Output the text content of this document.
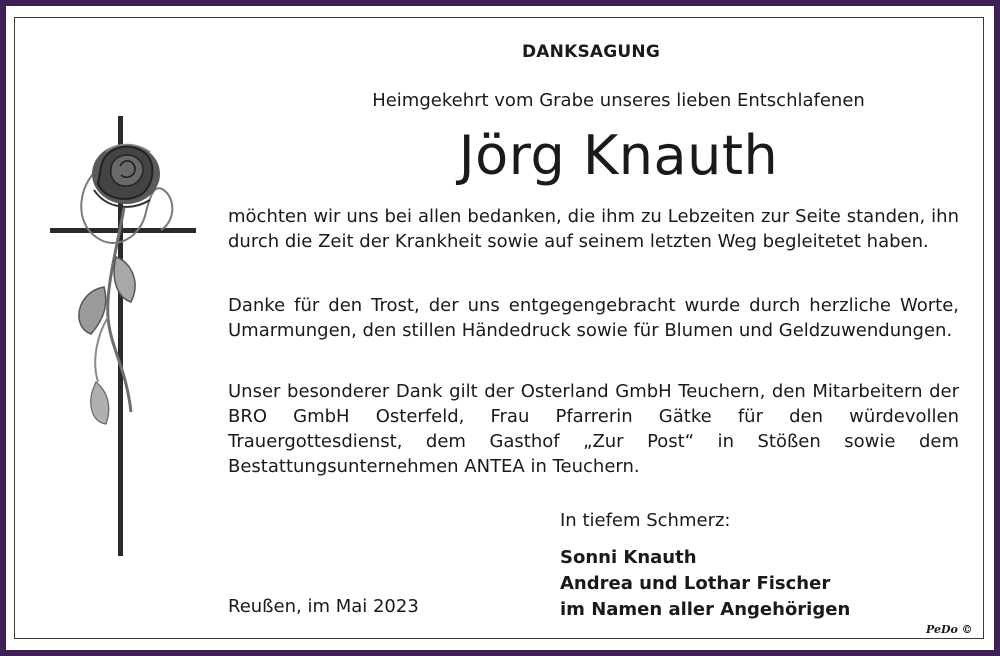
DANKSAGUNG
Heimgekehrt vom Grabe unseres lieben Entschlafenen
Jörg Knauth
möchten wir uns bei allen bedanken, die ihm zu Lebzeiten zur Seite standen, ihn durch die Zeit der Krankheit sowie auf seinem letzten Weg begleitetet haben.
Danke für den Trost, der uns entgegengebracht wurde durch herzliche Worte, Umarmungen, den stillen Händedruck sowie für Blumen und Geldzuwendungen.
Unser besonderer Dank gilt der Osterland GmbH Teuchern, den Mitarbeitern der BRO GmbH Osterfeld, Frau Pfarrerin Gätke für den würdevollen Trauergottesdienst, dem Gasthof „Zur Post“ in Stößen sowie dem Bestattungsunternehmen ANTEA in Teuchern.
In tiefem Schmerz:
Sonni Knauth
Andrea und Lothar Fischer
im Namen aller Angehörigen
Reußen, im Mai 2023
PeDo ©
